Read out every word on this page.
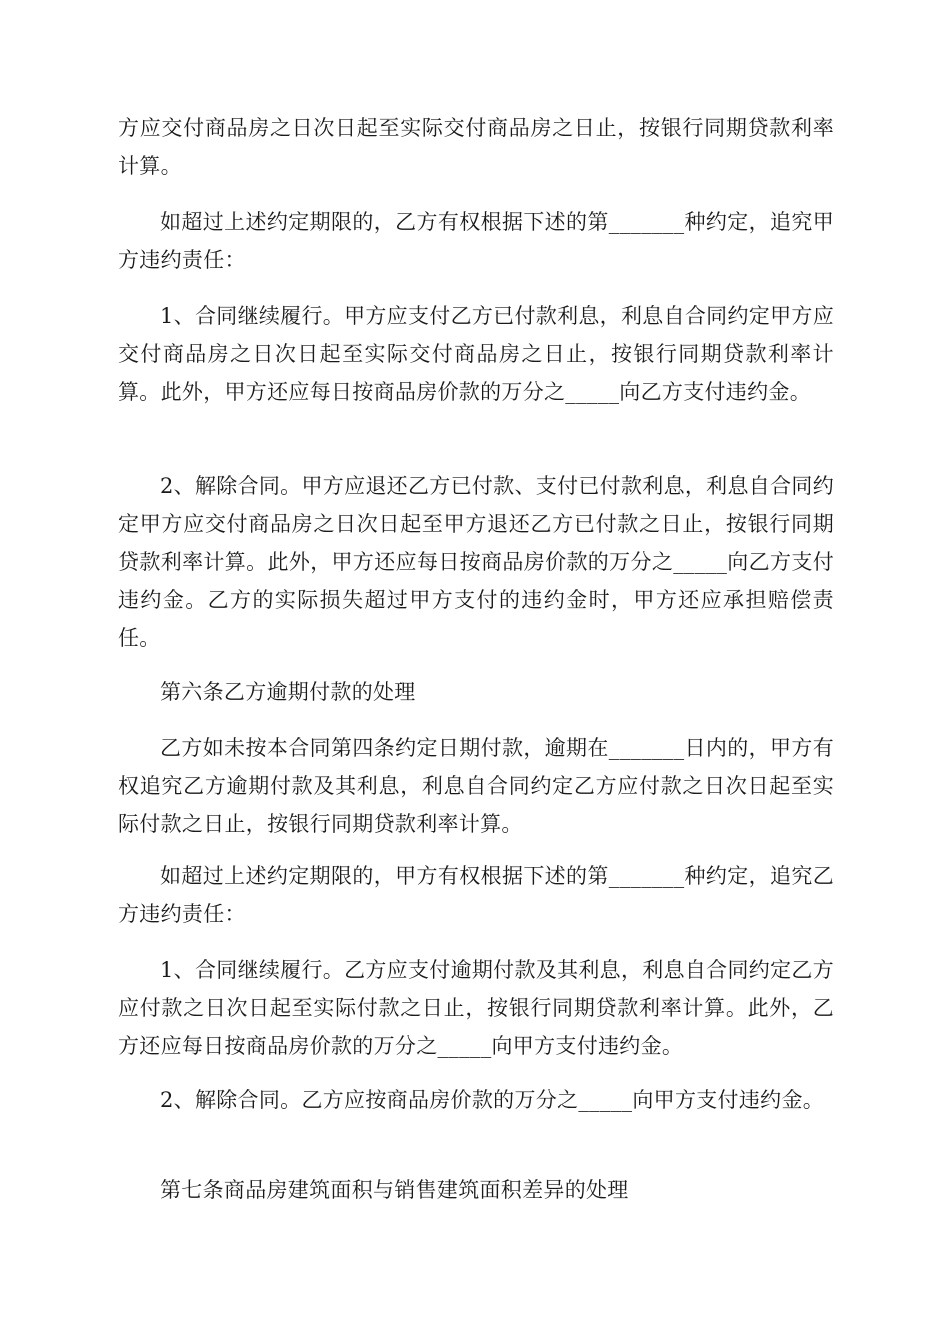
方应交付商品房之日次日起至实际交付商品房之日止，按银行同期贷款利率计算。

如超过上述约定期限的，乙方有权根据下述的第_______种约定，追究甲方违约责任：

1、合同继续履行。甲方应支付乙方已付款利息，利息自合同约定甲方应交付商品房之日次日起至实际交付商品房之日止，按银行同期贷款利率计算。此外，甲方还应每日按商品房价款的万分之_____向乙方支付违约金。

2、解除合同。甲方应退还乙方已付款、支付已付款利息，利息自合同约定甲方应交付商品房之日次日起至甲方退还乙方已付款之日止，按银行同期贷款利率计算。此外，甲方还应每日按商品房价款的万分之_____向乙方支付违约金。乙方的实际损失超过甲方支付的违约金时，甲方还应承担赔偿责任。

第六条乙方逾期付款的处理

乙方如未按本合同第四条约定日期付款，逾期在_______日内的，甲方有权追究乙方逾期付款及其利息，利息自合同约定乙方应付款之日次日起至实际付款之日止，按银行同期贷款利率计算。

如超过上述约定期限的，甲方有权根据下述的第_______种约定，追究乙方违约责任：

1、合同继续履行。乙方应支付逾期付款及其利息，利息自合同约定乙方应付款之日次日起至实际付款之日止，按银行同期贷款利率计算。此外，乙方还应每日按商品房价款的万分之_____向甲方支付违约金。

2、解除合同。乙方应按商品房价款的万分之_____向甲方支付违约金。

第七条商品房建筑面积与销售建筑面积差异的处理
